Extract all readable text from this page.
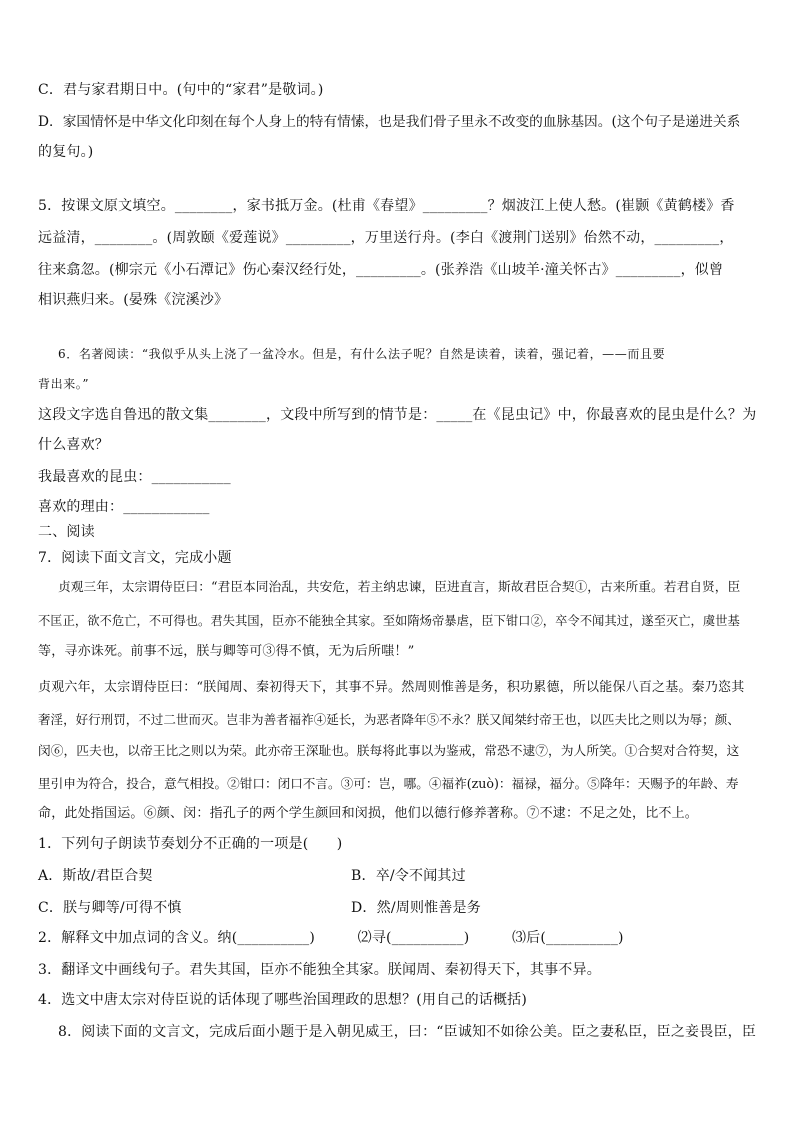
C．君与家君期日中。(句中的“家君”是敬词。)
D．家国情怀是中华文化印刻在每个人身上的特有情愫，也是我们骨子里永不改变的血脉基因。(这个句子是递进关系
的复句。)
5．按课文原文填空。________，家书抵万金。(杜甫《春望》_________？烟波江上使人愁。(崔颢《黄鹤楼》香
远益清，________。(周敦颐《爱莲说》_________，万里送行舟。(李白《渡荆门送别》佁然不动，_________，
往来翕忽。(柳宗元《小石潭记》伤心秦汉经行处，_________。(张养浩《山坡羊·潼关怀古》_________，似曾
相识燕归来。(晏殊《浣溪沙》
6．名著阅读：“我似乎从头上浇了一盆冷水。但是，有什么法子呢？自然是读着，读着，强记着，——而且要
背出来。”
这段文字选自鲁迅的散文集________，文段中所写到的情节是：_____在《昆虫记》中，你最喜欢的昆虫是什么？为
什么喜欢？
我最喜欢的昆虫：___________
喜欢的理由：____________
二、阅读
7．阅读下面文言文，完成小题
贞观三年，太宗谓侍臣曰：“君臣本同治乱，共安危，若主纳忠谏，臣进直言，斯故君臣合契①，古来所重。若君自贤，臣
不匡正，欲不危亡，不可得也。君失其国，臣亦不能独全其家。至如隋炀帝暴虐，臣下钳口②，卒令不闻其过，遂至灭亡，虞世基
等，寻亦诛死。前事不远，朕与卿等可③得不慎，无为后所嗤！”
贞观六年，太宗谓侍臣曰：“朕闻周、秦初得天下，其事不异。然周则惟善是务，积功累德，所以能保八百之基。秦乃恣其
奢淫，好行刑罚，不过二世而灭。岂非为善者福祚④延长，为恶者降年⑤不永？朕又闻桀纣帝王也，以匹夫比之则以为辱；颜、
闵⑥，匹夫也，以帝王比之则以为荣。此亦帝王深耻也。朕每将此事以为鉴戒，常恐不逮⑦，为人所笑。①合契对合符契，这
里引申为符合，投合，意气相投。②钳口：闭口不言。③可：岂，哪。④福祚(zuò)：福禄，福分。⑤降年：天赐予的年龄、寿
命，此处指国运。⑥颜、闵：指孔子的两个学生颜回和闵损，他们以德行修养著称。⑦不逮：不足之处，比不上。
1．下列句子朗读节奏划分不正确的一项是(　　)
A．斯故/君臣合契	B．卒/令不闻其过
C．朕与卿等/可得不慎	D．然/周则惟善是务
2．解释文中加点词的含义。纳(__________)　　　⑵寻(__________)　　　⑶后(__________)
3．翻译文中画线句子。君失其国，臣亦不能独全其家。朕闻周、秦初得天下，其事不异。
4．选文中唐太宗对侍臣说的话体现了哪些治国理政的思想？(用自己的话概括)
8．阅读下面的文言文，完成后面小题于是入朝见威王，曰：“臣诚知不如徐公美。臣之妻私臣，臣之妾畏臣，臣
